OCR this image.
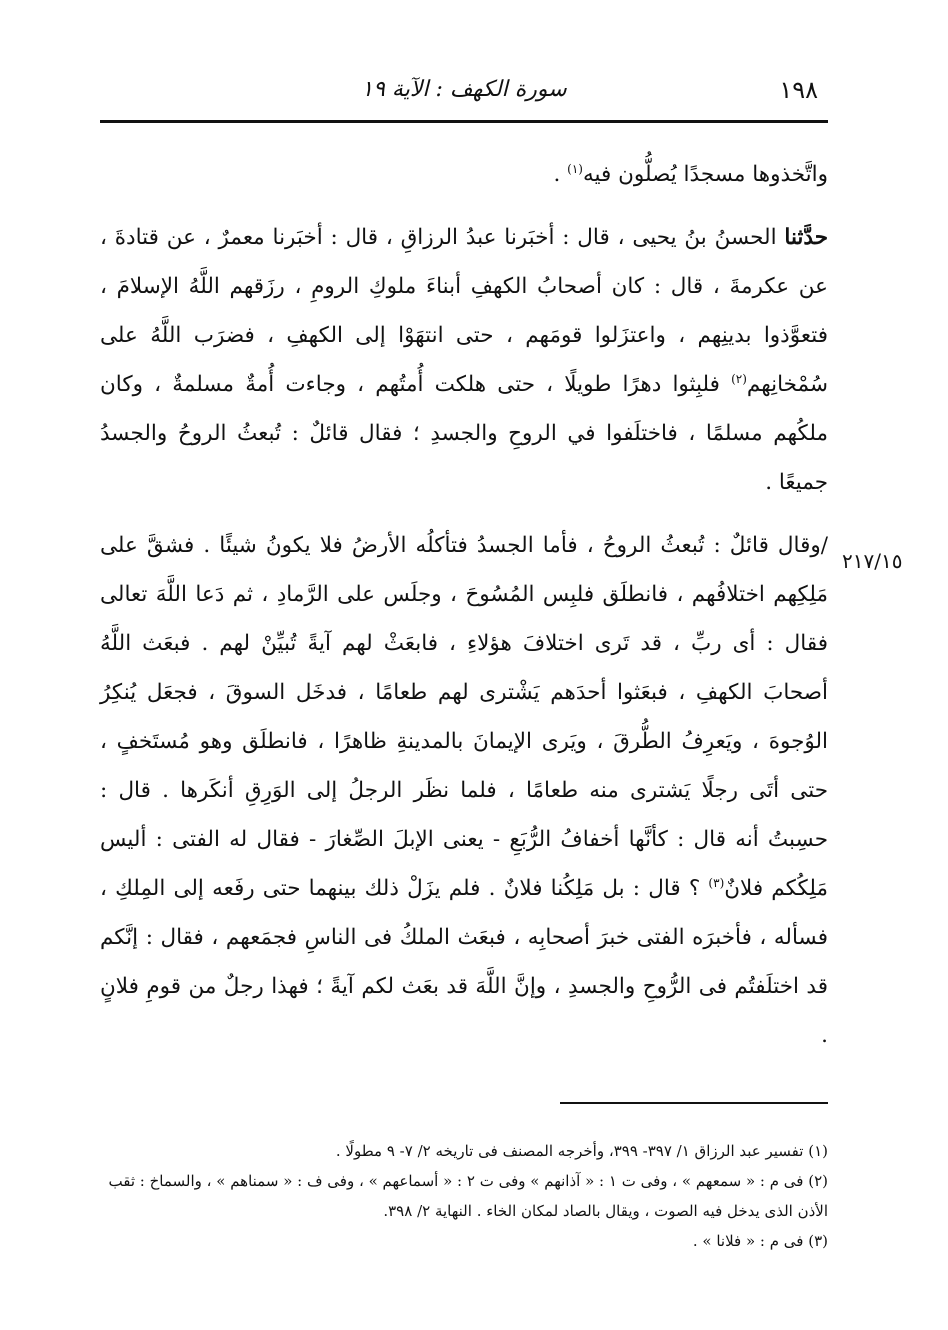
١٩٨
سورة الكهف : الآية ١٩
٢١٧/١٥
واتَّخذوها مسجدًا يُصلُّون فيه$^{(١)}$ .
حدَّثنا الحسنُ بنُ يحيى ، قال : أخبَرنا عبدُ الرزاقِ ، قال : أخبَرنا معمرٌ ، عن قتادةَ ، عن عكرمةَ ، قال : كان أصحابُ الكهفِ أبناءَ ملوكِ الرومِ ، رزَقهم اللَّهُ الإسلامَ ، فتعوَّذوا بدينِهم ، واعتزَلوا قومَهم ، حتى انتهَوْا إلى الكهفِ ، فضرَب اللَّهُ على سُمْخانِهم$^{(٢)}$ فلبِثوا دهرًا طويلًا ، حتى هلكت أُمتُهم ، وجاءت أُمةٌ مسلمةٌ ، وكان ملكُهم مسلمًا ، فاختلَفوا في الروحِ والجسدِ ؛ فقال قائلٌ : تُبعثُ الروحُ والجسدُ جميعًا .
/وقال قائلٌ : تُبعثُ الروحُ ، فأما الجسدُ فتأكلُه الأرضُ فلا يكونُ شيئًا . فشقَّ على مَلِكِهم اختلافُهم ، فانطلَق فلبِس المُسُوحَ ، وجلَس على الرَّمادِ ، ثم دَعا اللَّهَ تعالى فقال : أى ربِّ ، قد تَرى اختلافَ هؤلاءِ ، فابعَثْ لهم آيةً تُبيِّنْ لهم . فبعَث اللَّهُ أصحابَ الكهفِ ، فبعَثوا أحدَهم يَشْترى لهم طعامًا ، فدخَل السوقَ ، فجعَل يُنكِرُ الوُجوهَ ، ويَعرِفُ الطُّرقَ ، ويَرى الإيمانَ بالمدينةِ ظاهرًا ، فانطلَق وهو مُستَخفٍ ، حتى أتَى رجلًا يَشترى منه طعامًا ، فلما نظَر الرجلُ إلى الوَرِقِ أنكَرها . قال : حسِبتُ أنه قال : كأنَّها أخفافُ الرُّبَعِ - يعنى الإبلَ الصِّغارَ - فقال له الفتى : أليس مَلِكُكم فلانٌ$^{(٣)}$ ؟ قال : بل مَلِكُنا فلانٌ . فلم يزَلْ ذلك بينهما حتى رفَعه إلى المِلكِ ، فسأله ، فأخبرَه الفتى خبرَ أصحابِه ، فبعَث الملكُ فى الناسِ فجمَعهم ، فقال : إنَّكم قد اختلَفتُم فى الرُّوحِ والجسدِ ، وإنَّ اللَّهَ قد بعَث لكم آيةً ؛ فهذا رجلٌ من قومِ فلانٍ .

(١) تفسير عبد الرزاق ١/ ٣٩٧- ٣٩٩، وأخرجه المصنف فى تاريخه ٢/ ٧- ٩ مطولًا .

(٢) فى م : « سمعهم » ، وفى ت ١ : « آذانهم » وفى ت ٢ : « أسماعهم » ، وفى ف : « سمناهم » ، والسماخ : ثقب الأذن الذى يدخل فيه الصوت ، ويقال بالصاد لمكان الخاء . النهاية ٢/ ٣٩٨.

(٣) فى م : « فلانا » .
